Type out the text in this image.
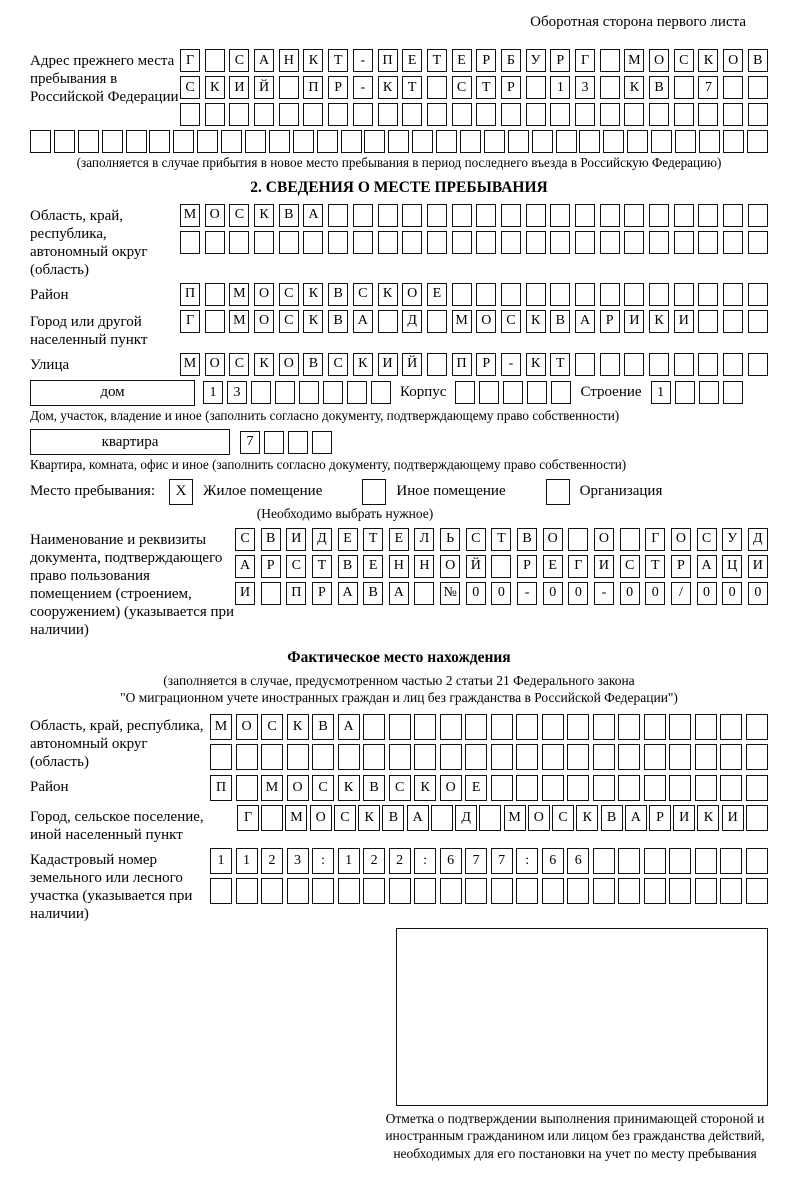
Оборотная сторона первого листа
Адрес прежнего места пребывания в Российской Федерации
Г	С	А	Н	К	Т	-	П	Е	Т	Е	Р	Б	У	Р	Г	М О	С	К	О	В
С	К	И	Й	П	Р	-	К	Т	С	Т	Р	1	3	К	В	7
(заполняется в случае прибытия в новое место пребывания в период последнего въезда в Российскую Федерацию)
2. СВЕДЕНИЯ О МЕСТЕ ПРЕБЫВАНИЯ
Область, край, республика, автономный округ (область)
М О	С	К	В	А
Район	П	М О	С	К	В	С	К	О	Е
Город или другой населенный пункт
Г	М О	С	К	В	А	Д	М О	С	К	В	А	Р	И	К	И
Улица	М О	С	К	О	В	С	К	И	Й	П	Р	-	К	Т
дом	1	3	Корпус	Строение	1
Дом, участок, владение и иное (заполнить согласно документу, подтверждающему право собственности)
квартира	7
Квартира, комната, офис и иное (заполнить согласно документу, подтверждающему право собственности)
Место пребывания:	X	Жилое помещение	Иное помещение	Организация
(Необходимо выбрать нужное)
Наименование и реквизиты документа, подтверждающего право пользования помещением (строением, сооружением) (указывается при наличии)
С	В	И	Д	Е	Т	Е	Л	Ь	С	Т	В	О	О	Г	О	С	У	Д
А	Р	С	Т	В	Е	Н	Н	О	Й	Р	Е	Г	И	С	Т	Р	А	Ц	И
И	П	Р	А	В	А	№	0	0	-	0	0	-	0	0	/	0	0	0
Фактическое место нахождения
(заполняется в случае, предусмотренном частью 2 статьи 21 Федерального закона
"О миграционном учете иностранных граждан и лиц без гражданства в Российской Федерации")
Область, край, республика, автономный округ (область)
М	О	С	К	В	А
Район	П	М	О	С	К	В	С	К	О	Е
Город, сельское поселение, иной населенный пункт
Г	М О	С	К	В	А	Д	М О	С	К	В	А	Р	И	К	И
Кадастровый номер земельного или лесного участка (указывается при наличии)
1	1	2	3	:	1	2	2	:	6	7	7	:	6	6
Отметка о подтверждении выполнения принимающей стороной и иностранным гражданином или лицом без гражданства действий, необходимых для его постановки на учет по месту пребывания
